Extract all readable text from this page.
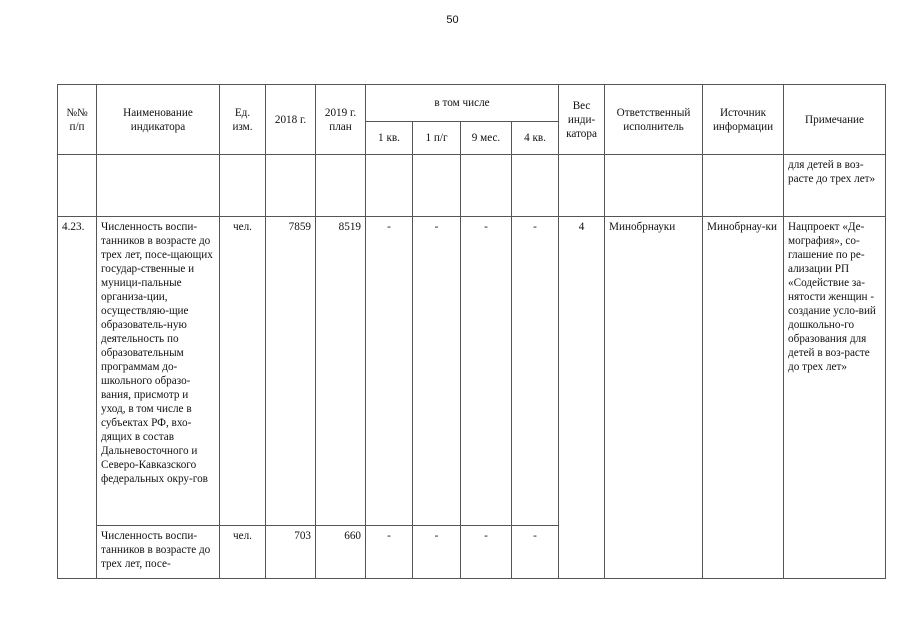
50
№№ п/п	Наименование индикатора	Ед. изм.	2018 г.	2019 г. план	в том числе				Вес инди-катора	Ответственный исполнитель	Источник информации	Примечание
					1 кв.	1 п/г	9 мес.	4 кв.				
												для детей в воз-расте до трех лет»
4.23.	Численность воспи-танников в возрасте до трех лет, посе-щающих государ-ственные и муници-пальные организа-ции, осуществляю-щие образователь-ную деятельность по образовательным программам до-школьного образо-вания, присмотр и уход, в том числе в субъектах РФ, вхо-дящих в состав Дальневосточного и Северо-Кавказского федеральных окру-гов	чел.	7859	8519	-	-	-	-	4	Минобрнауки	Минобрнау-ки	Нацпроект «Де-мография», со-глашение по ре-ализации РП «Содействие за-нятости женщин - создание усло-вий дошкольно-го образования для детей в воз-расте до трех лет»
	Численность воспи-танников в возрасте до трех лет, посе-	чел.	703	660	-	-	-	-				
